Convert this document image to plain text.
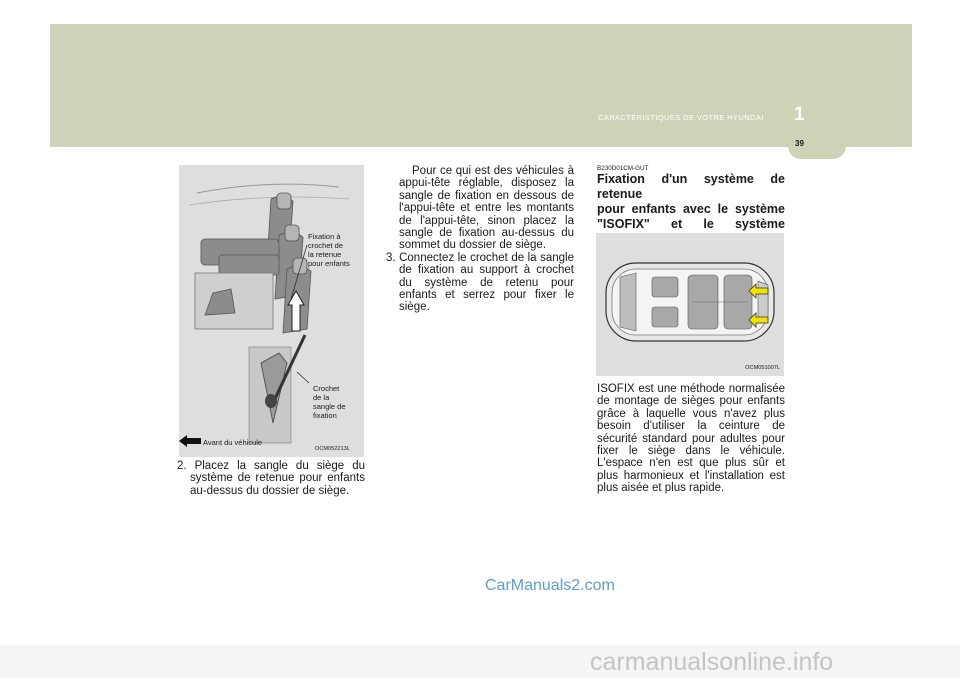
CARACTÉRISTIQUES DE VOTRE HYUNDAI 1
39
Fixation à
crochet de
la retenue
pour enfants
Crochet
de la
sangle de
fixation
Avant du véhicule
OCM052213L

2. Placez la sangle du siège du système de retenue pour enfants au-dessus du dossier de siège.

Pour ce qui est des véhicules à appui-tête réglable, disposez la sangle de fixation en dessous de l'appui-tête et entre les montants de l'appui-tête, sinon placez la sangle de fixation au-dessus du sommet du dossier de siège.

3. Connectez le crochet de la sangle de fixation au support à crochet du système de retenu pour enfants et serrez pour fixer le siège.

B230D01CM-GUT
Fixation d'un système de retenue
pour enfants avec le système
"ISOFIX" et le système
OCM051007L

ISOFIX est une méthode normalisée de montage de sièges pour enfants grâce à laquelle vous n'avez plus besoin d'utiliser la ceinture de sécurité standard pour adultes pour fixer le siège dans le véhicule. L'espace n'en est que plus sûr et plus harmonieux et l'installation est plus aisée et plus rapide.

CarManuals2.com
carmanualsonline.info
